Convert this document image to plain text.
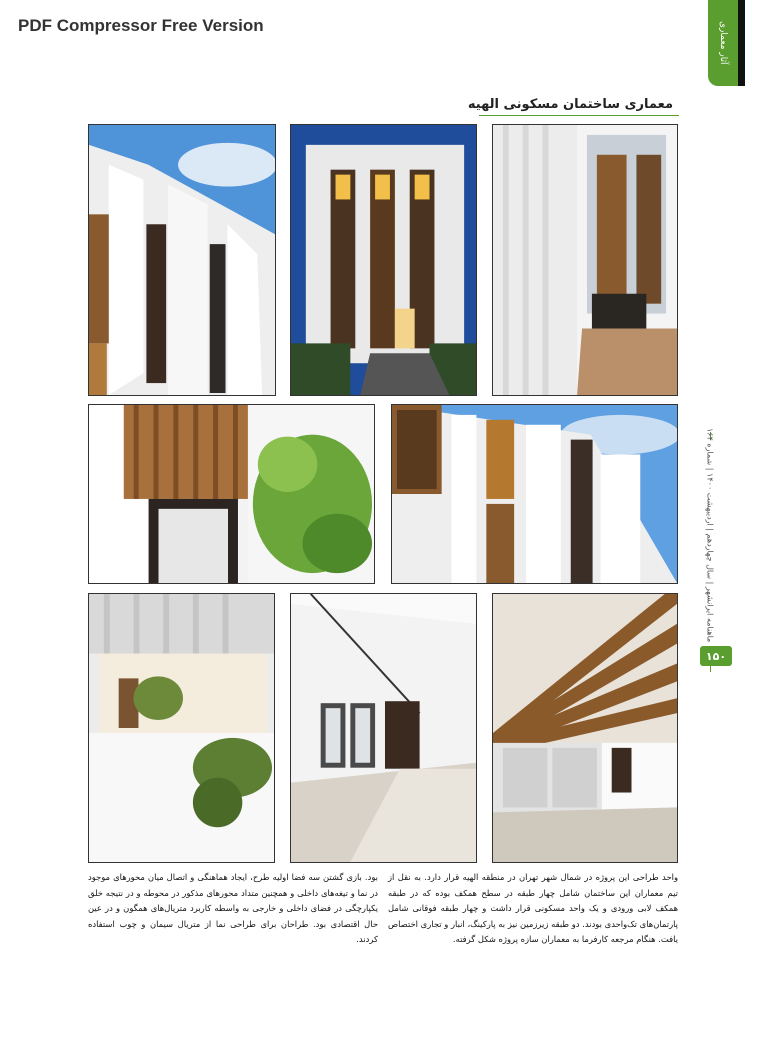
PDF Compressor Free Version	آثار معماری
معماری ساختمان مسکونی الهیه
ماهنامه ایرانشهر | سال چهاردهم | اردیبهشت ۱۴۰۰ | شماره ۱۶۴
۱۵۰

واحد طراحی این پروژه در شمال شهر تهران در منطقه الهیه قرار دارد. به نقل از تیم معماران این ساختمان شامل چهار طبقه در سطح همکف بوده که در طبقه همکف لابی ورودی و یک واحد مسکونی قرار داشت و چهار طبقه فوقانی شامل پارتمان‌های تک‌واحدی بودند. دو طبقه زیرزمین نیز به پارکینگ، انبار و تجاری اختصاص یافت. هنگام مرجعه کارفرما به معماران سازه پروژه شکل گرفته.

بود. بازی گشتن سه فضا اولیه طرح، ایجاد هماهنگی و اتصال میان محورهای موجود در نما و تیغه‌های داخلی و همچنین متداد محورهای مذکور در محوطه و در نتیجه خلق یکپارچگی در فضای داخلی و خارجی به واسطه کاربرد متریال‌های همگون و در عین حال اقتصادی بود. طراحان برای طراحی نما از متریال سیمان و چوب استفاده کردند.
